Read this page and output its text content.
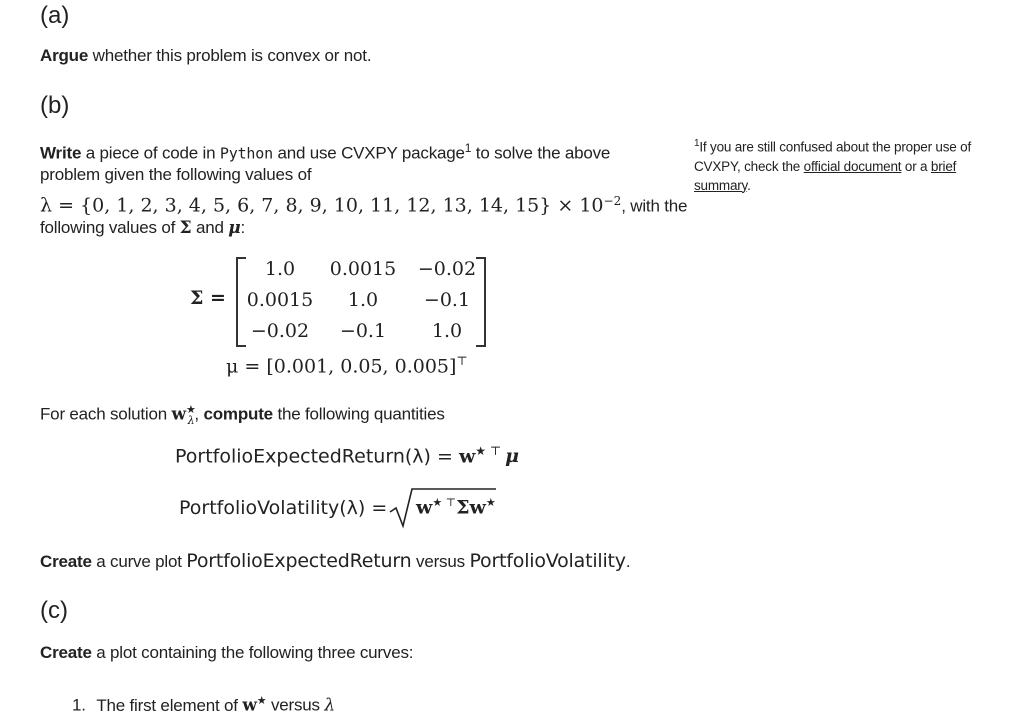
(a)
Argue whether this problem is convex or not.
(b)
Write a piece of code in Python and use CVXPY package$^1$ to solve the above
problem given the following values of
λ = {0, 1, 2, 3, 4, 5, 6, 7, 8, 9, 10, 11, 12, 13, 14, $15\} \times 10^{-2}$, with the
following values of Σ and μ:
Σ =
1.0	0.0015	−0.02
0.0015	1.0	−0.1
−0.02	−0.1	1.0
μ = [0.001, 0.05, 0.005]⊤
For each solution $w^★_\lambda$, compute the following quantities
PortfolioExpectedReturn(λ) = w★ ⊤ μ
PortfolioVolatility(λ) = w★ ⊤Σw★
Create a curve plot PortfolioExpectedReturn versus PortfolioVolatility.
(c)
Create a plot containing the following three curves:
1. The first element of w★ versus λ
$^1$If you are still confused about the proper use of
CVXPY, check the official document or a brief
summary.
